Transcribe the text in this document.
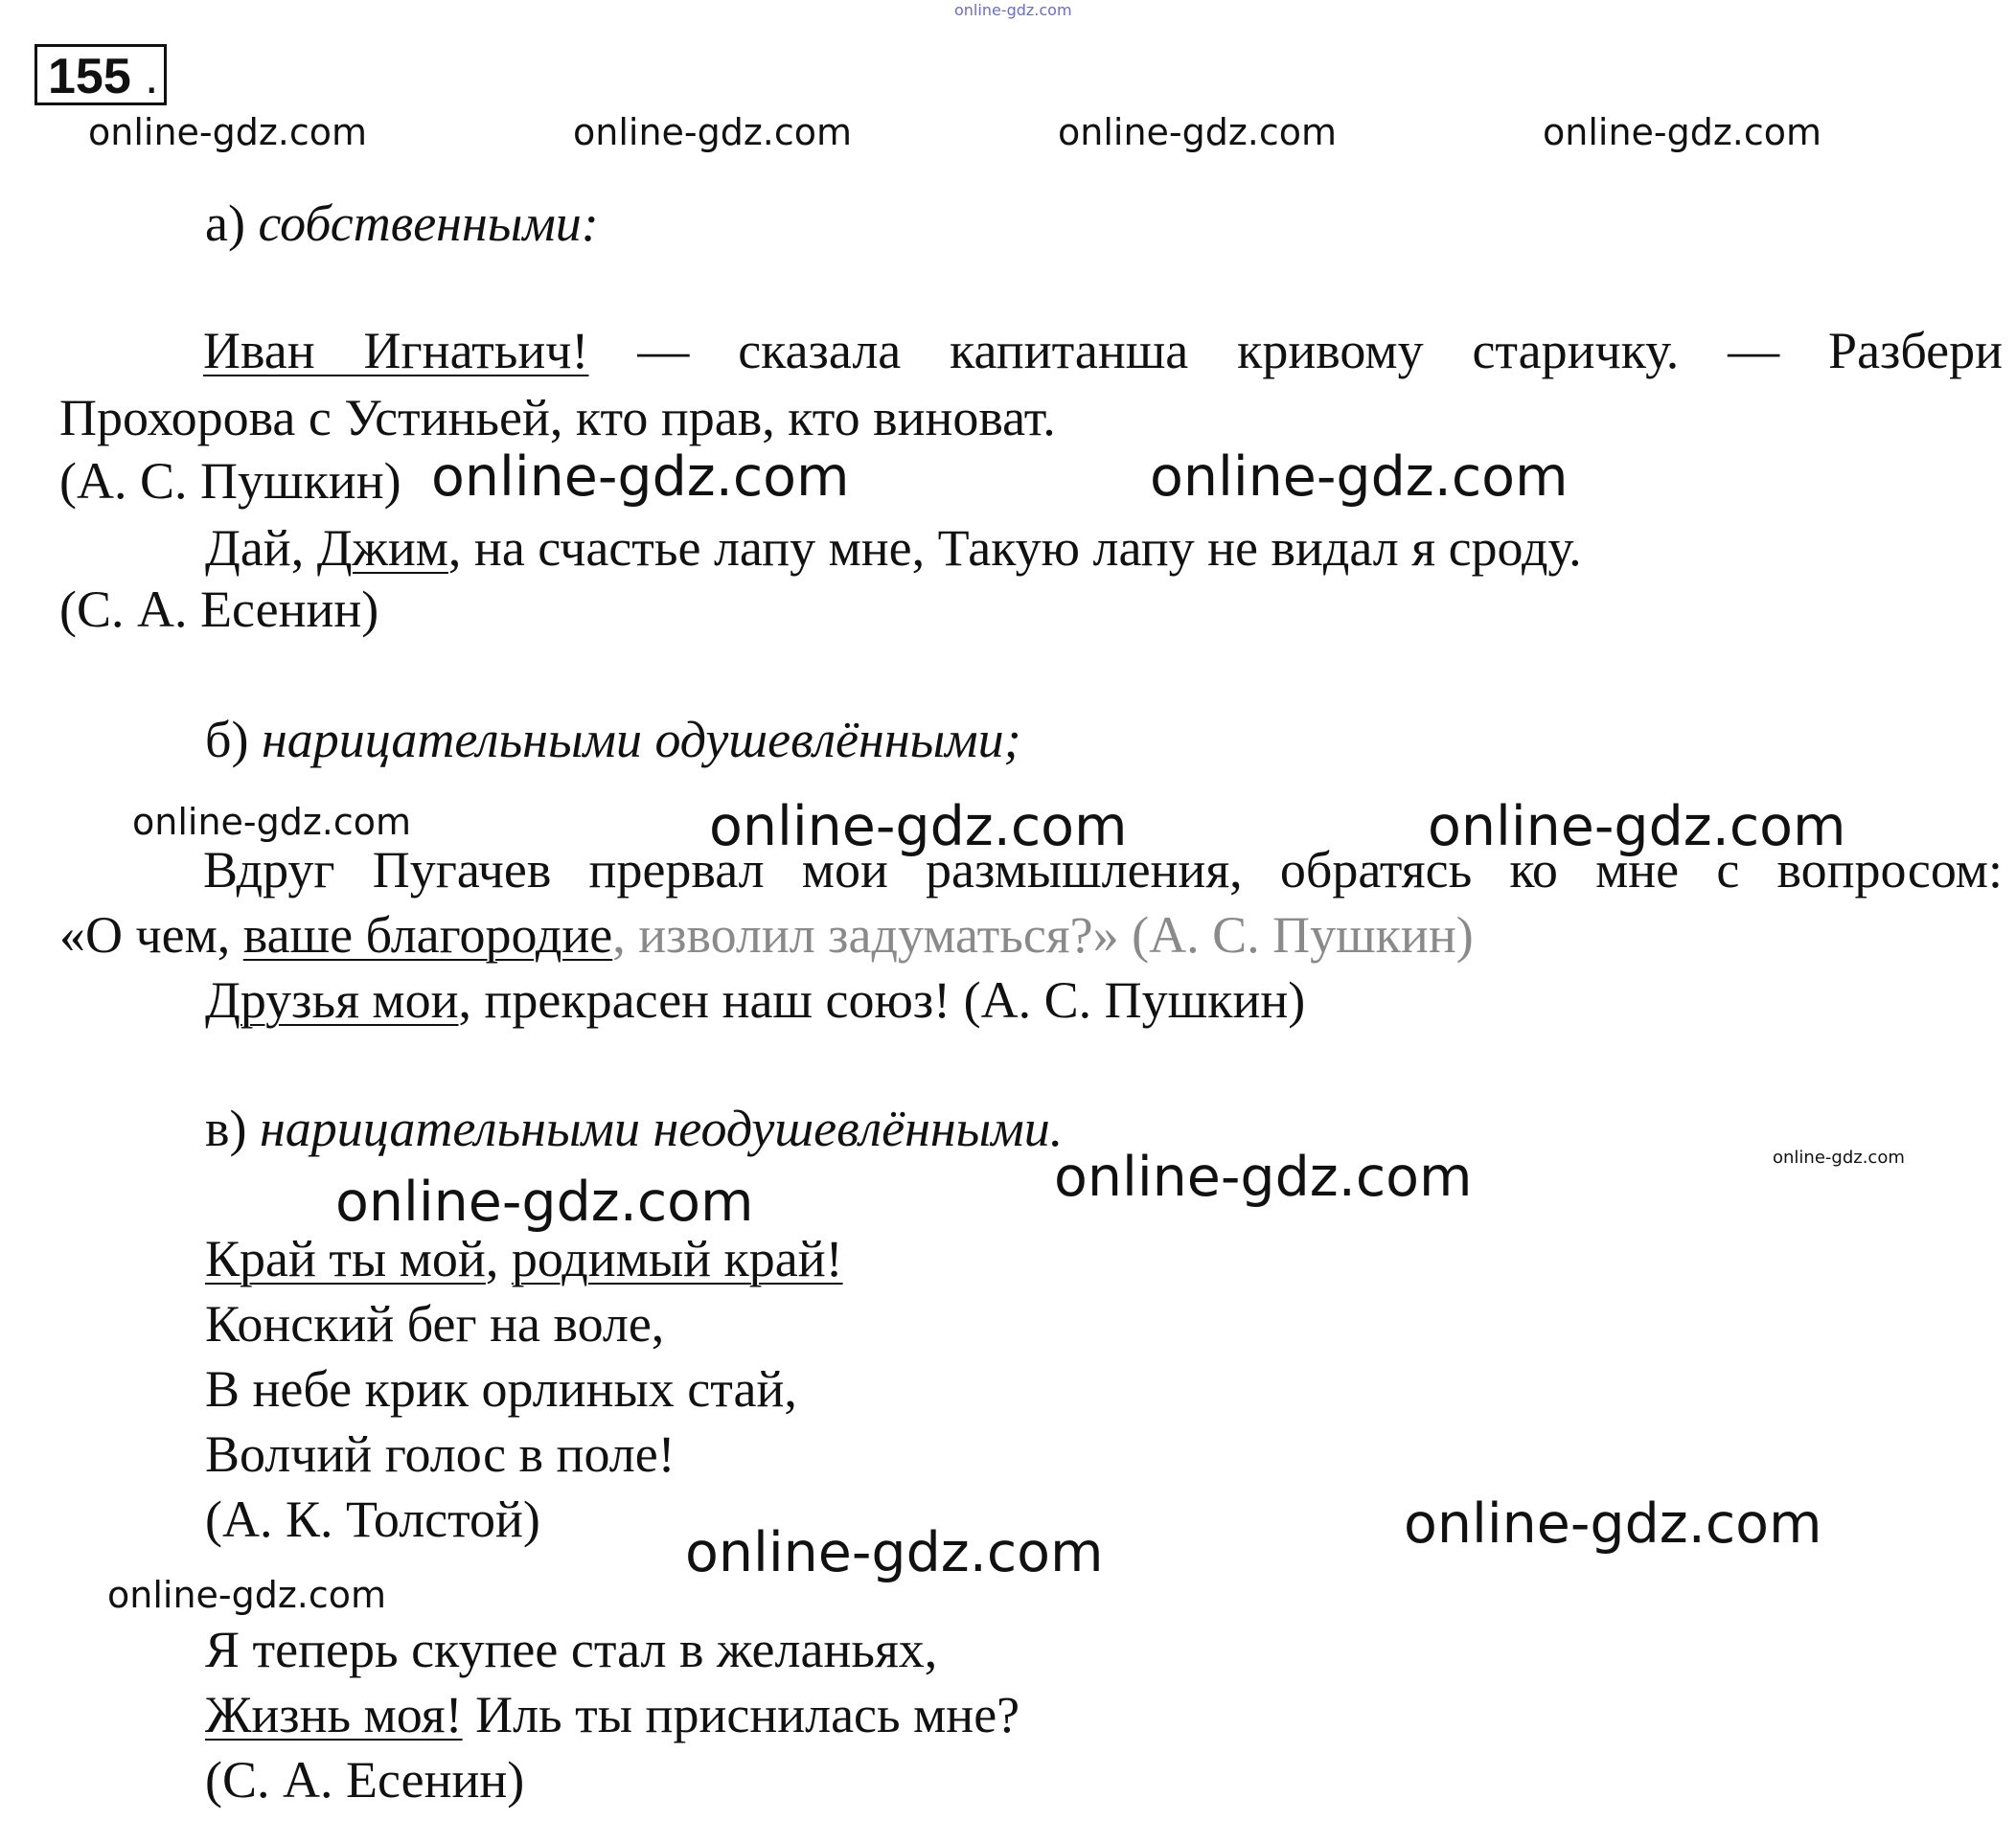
online-gdz.com
155 .
online-gdz.com	online-gdz.com	online-gdz.com	online-gdz.com
а) собственными:
Иван Игнатьич! — сказала капитанша кривому старичку. — Разбери
Прохорова с Устиньей, кто прав, кто виноват.
(А. С. Пушкин)
Дай, Джим, на счастье лапу мне, Такую лапу не видал я сроду.
(С. А. Есенин)
б) нарицательными одушевлёнными;
Вдруг Пугачев прервал мои размышления, обратясь ко мне с вопросом:
«О чем, ваше благородие, изволил задуматься?» (А. С. Пушкин)
Друзья мои, прекрасен наш союз! (А. С. Пушкин)
в) нарицательными неодушевлёнными.
Край ты мой, родимый край!
Конский бег на воле,
В небе крик орлиных стай,
Волчий голос в поле!
(А. К. Толстой)
Я теперь скупее стал в желаньях,
Жизнь моя! Иль ты приснилась мне?
(С. А. Есенин)
online-gdz.com	online-gdz.com
online-gdz.com	online-gdz.com	online-gdz.com
online-gdz.com
online-gdz.com
online-gdz.com
online-gdz.com
online-gdz.com
online-gdz.com
